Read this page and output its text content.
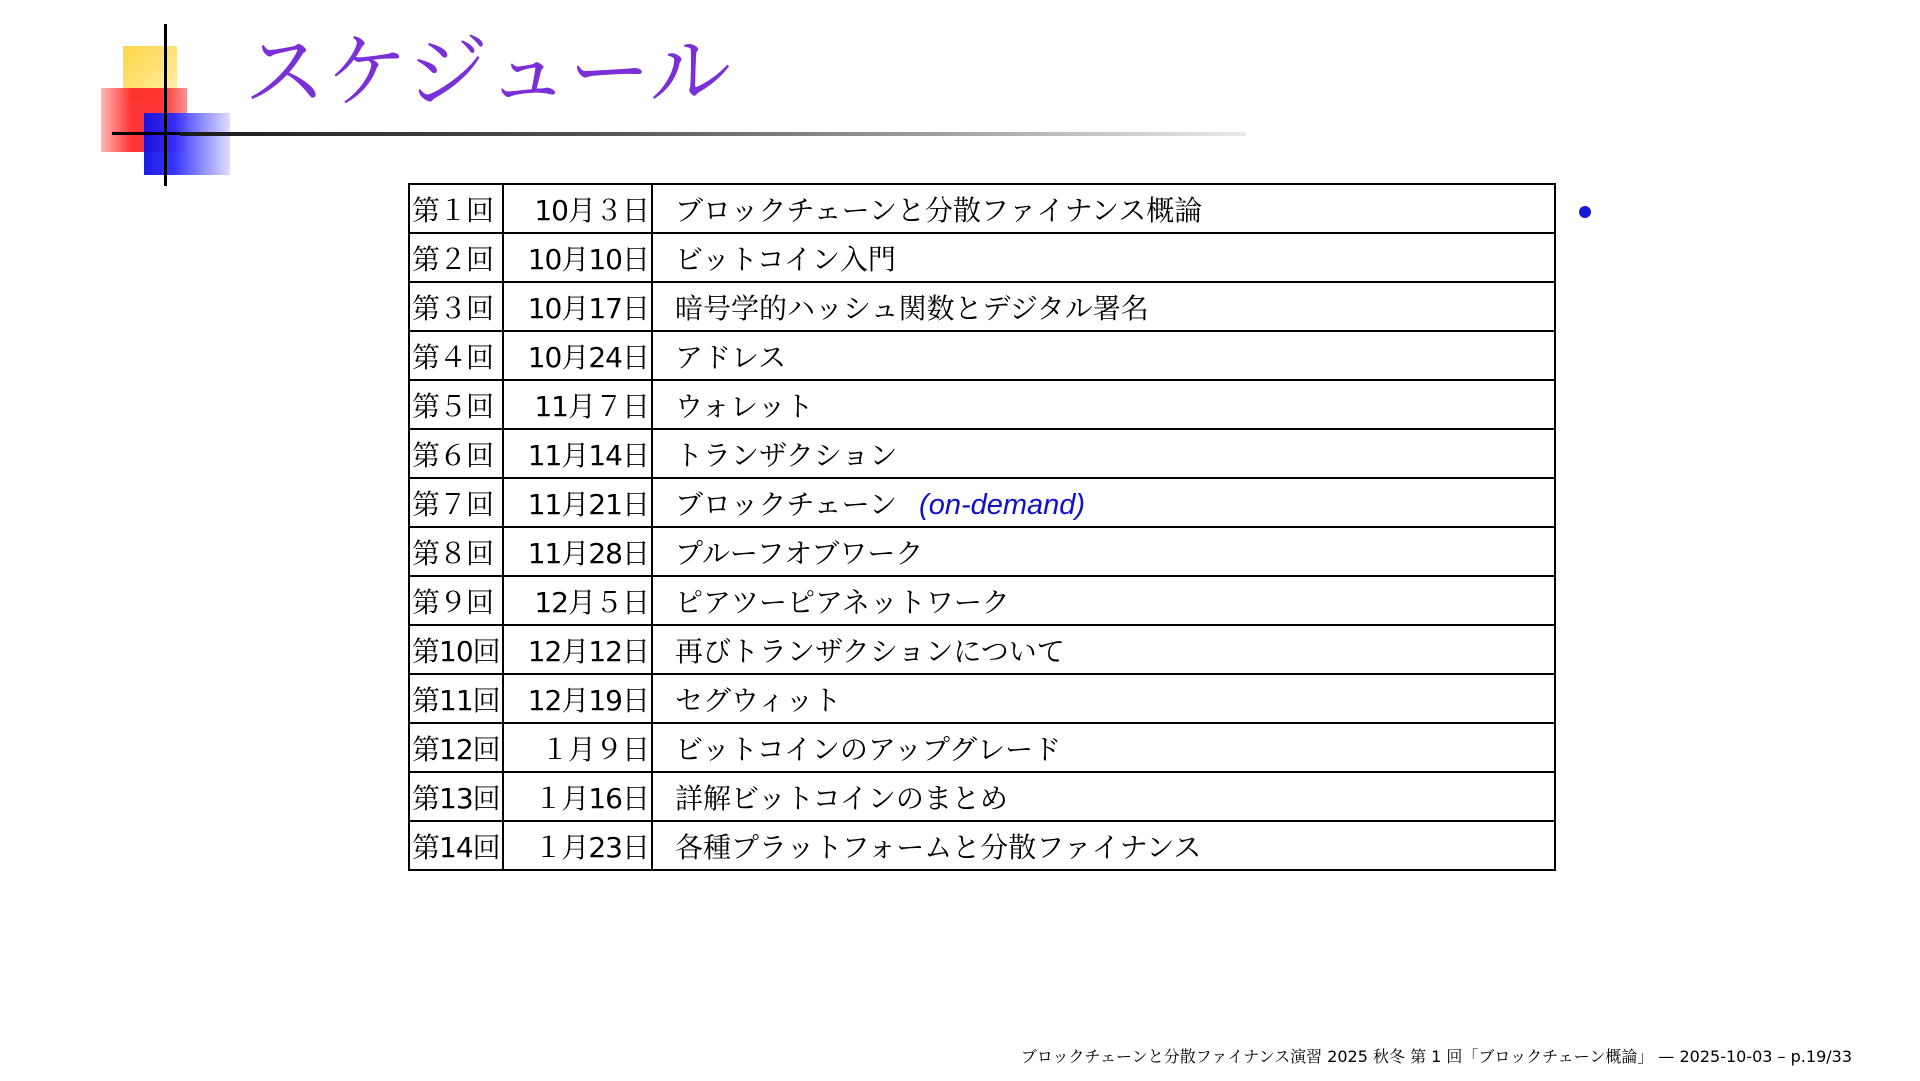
スケジュール
第１回	10月３日	ブロックチェーンと分散ファイナンス概論
第２回	10月10日	ビットコイン入門
第３回	10月17日	暗号学的ハッシュ関数とデジタル署名
第４回	10月24日	アドレス
第５回	11月７日	ウォレット
第６回	11月14日	トランザクション
第７回	11月21日	ブロックチェーン (on-demand)
第８回	11月28日	プルーフオブワーク
第９回	12月５日	ピアツーピアネットワーク
第10回	12月12日	再びトランザクションについて
第11回	12月19日	セグウィット
第12回	１月９日	ビットコインのアップグレード
第13回	１月16日	詳解ビットコインのまとめ
第14回	１月23日	各種プラットフォームと分散ファイナンス
ブロックチェーンと分散ファイナンス演習 2025 秋冬 第 1 回「ブロックチェーン概論」 — 2025-10-03 – p.19/33
